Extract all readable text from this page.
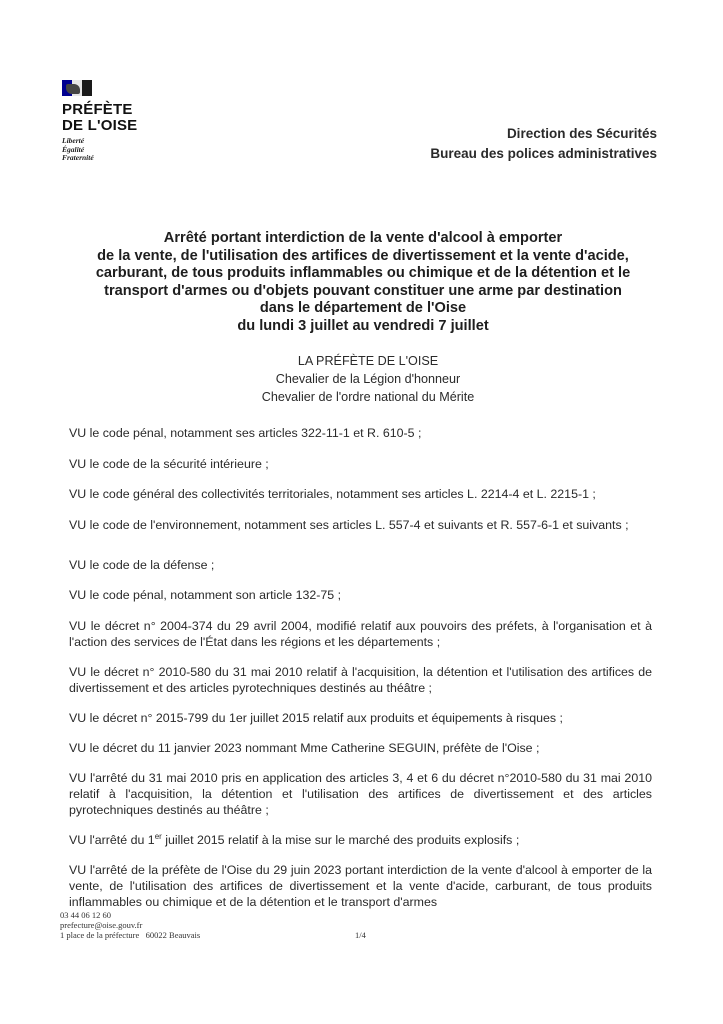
PRÉFÈTE
DE L'OISE
Liberté
Égalité
Fraternité
Direction des Sécurités
Bureau des polices administratives
Arrêté portant interdiction de la vente d'alcool à emporter
de la vente, de l'utilisation des artifices de divertissement et la vente d'acide,
carburant, de tous produits inflammables ou chimique et de la détention et le
transport d'armes ou d'objets pouvant constituer une arme par destination
dans le département de l'Oise
du lundi 3 juillet au vendredi 7 juillet
LA PRÉFÈTE DE L'OISE
Chevalier de la Légion d'honneur
Chevalier de l'ordre national du Mérite
VU le code pénal, notamment ses articles 322-11-1 et R. 610-5 ;
VU le code de la sécurité intérieure ;
VU le code général des collectivités territoriales, notamment ses articles L. 2214-4 et L. 2215-1 ;
VU le code de l'environnement, notamment ses articles L. 557-4 et suivants et R. 557-6-1 et suivants ;
VU le code de la défense ;
VU le code pénal, notamment son article 132-75 ;
VU le décret n° 2004-374 du 29 avril 2004, modifié relatif aux pouvoirs des préfets, à l'organisation et à l'action des services de l'État dans les régions et les départements ;
VU le décret n° 2010-580 du 31 mai 2010 relatif à l'acquisition, la détention et l'utilisation des artifices de divertissement et des articles pyrotechniques destinés au théâtre ;
VU le décret n° 2015-799 du 1er juillet 2015 relatif aux produits et équipements à risques ;
VU le décret du 11 janvier 2023 nommant Mme Catherine SEGUIN, préfète de l'Oise ;
VU l'arrêté du 31 mai 2010 pris en application des articles 3, 4 et 6 du décret n°2010-580 du 31 mai 2010 relatif à l'acquisition, la détention et l'utilisation des artifices de divertissement et des articles pyrotechniques destinés au théâtre ;
VU l'arrêté du 1er juillet 2015 relatif à la mise sur le marché des produits explosifs ;
VU l'arrêté de la préfète de l'Oise du 29 juin 2023 portant interdiction de la vente d'alcool à emporter de la vente, de l'utilisation des artifices de divertissement et la vente d'acide, carburant, de tous produits inflammables ou chimique et de la détention et le transport d'armes
03 44 06 12 60
prefecture@oise.gouv.fr
1 place de la préfecture   60022 Beauvais	1/4
